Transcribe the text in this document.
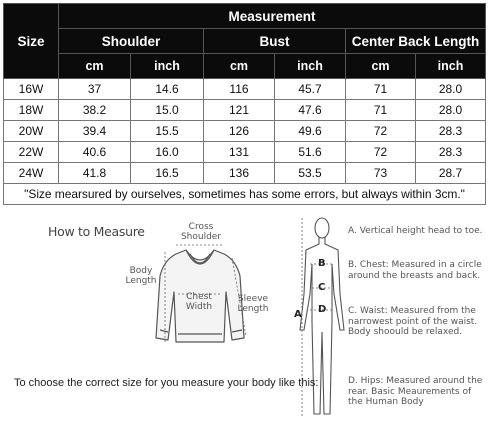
Size	Measurement					
	Shoulder		Bust		Center Back Length	
	cm	inch	cm	inch	cm	inch
16W	37	14.6	116	45.7	71	28.0
18W	38.2	15.0	121	47.6	71	28.0
20W	39.4	15.5	126	49.6	72	28.3
22W	40.6	16.0	131	51.6	72	28.3
24W	41.8	16.5	136	53.5	73	28.7
"Size mearsured by ourselves, sometimes has some errors, but always within 3cm."						
How to Measure	Cross Shoulder
Body Length
Chest Width
Sleeve Length
To choose the correct size for you measure your body like this:
A
B
C
D
A. Vertical height head to toe.
B. Chest: Measured in a circle around the breasts and back.
C. Waist: Measured from the narrowest point of the waist. Body shoould be relaxed.
D. Hips: Measured around the rear. Basic Meaurements of the Human Body
